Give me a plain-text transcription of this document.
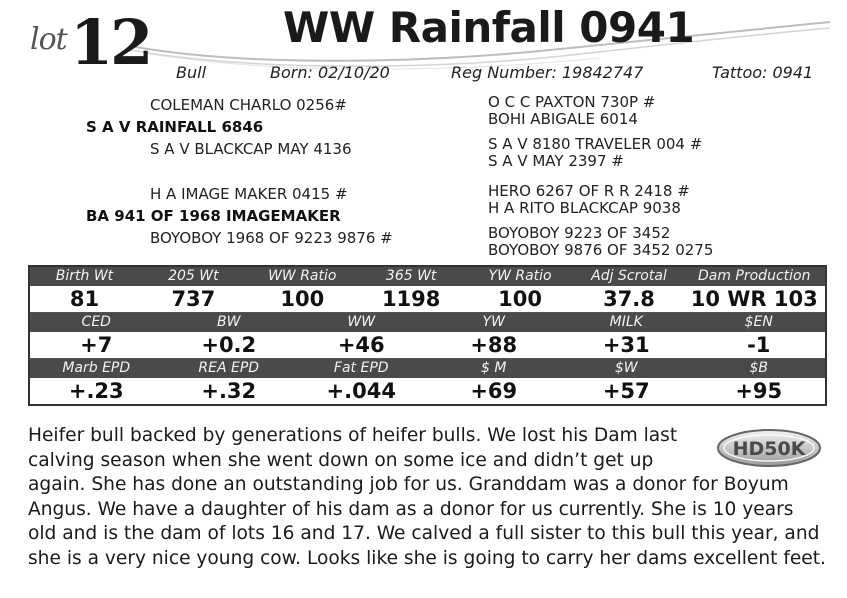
lot 12	WW Rainfall 0941
Bull	Born: 02/10/20	Reg Number: 19842747	Tattoo: 0941
COLEMAN CHARLO 0256#
S A V RAINFALL 6846
S A V BLACKCAP MAY 4136
H A IMAGE MAKER 0415 #
BA 941 OF 1968 IMAGEMAKER
BOYOBOY 1968 OF 9223 9876 #
O C C PAXTON 730P #
BOHI ABIGALE 6014
S A V 8180 TRAVELER 004 #
S A V MAY 2397 #
HERO 6267 OF R R 2418 #
H A RITO BLACKCAP 9038
BOYOBOY 9223 OF 3452
BOYOBOY 9876 OF 3452 0275
Birth Wt	205 Wt	WW Ratio	365 Wt	YW Ratio	Adj Scrotal	Dam Production
81	737	100	1198	100	37.8	10 WR 103
CED	BW	WW	YW	MILK	$EN
+7	+0.2	+46	+88	+31	-1
Marb EPD	REA EPD	Fat EPD	$ M	$W	$B
+.23	+.32	+.044	+69	+57	+95
Heifer bull backed by generations of heifer bulls. We lost his Dam last
calving season when she went down on some ice and didn’t get up
again. She has done an outstanding job for us. Granddam was a donor for Boyum
Angus. We have a daughter of his dam as a donor for us currently. She is 10 years
old and is the dam of lots 16 and 17. We calved a full sister to this bull this year, and
she is a very nice young cow. Looks like she is going to carry her dams excellent feet.
HD50K
